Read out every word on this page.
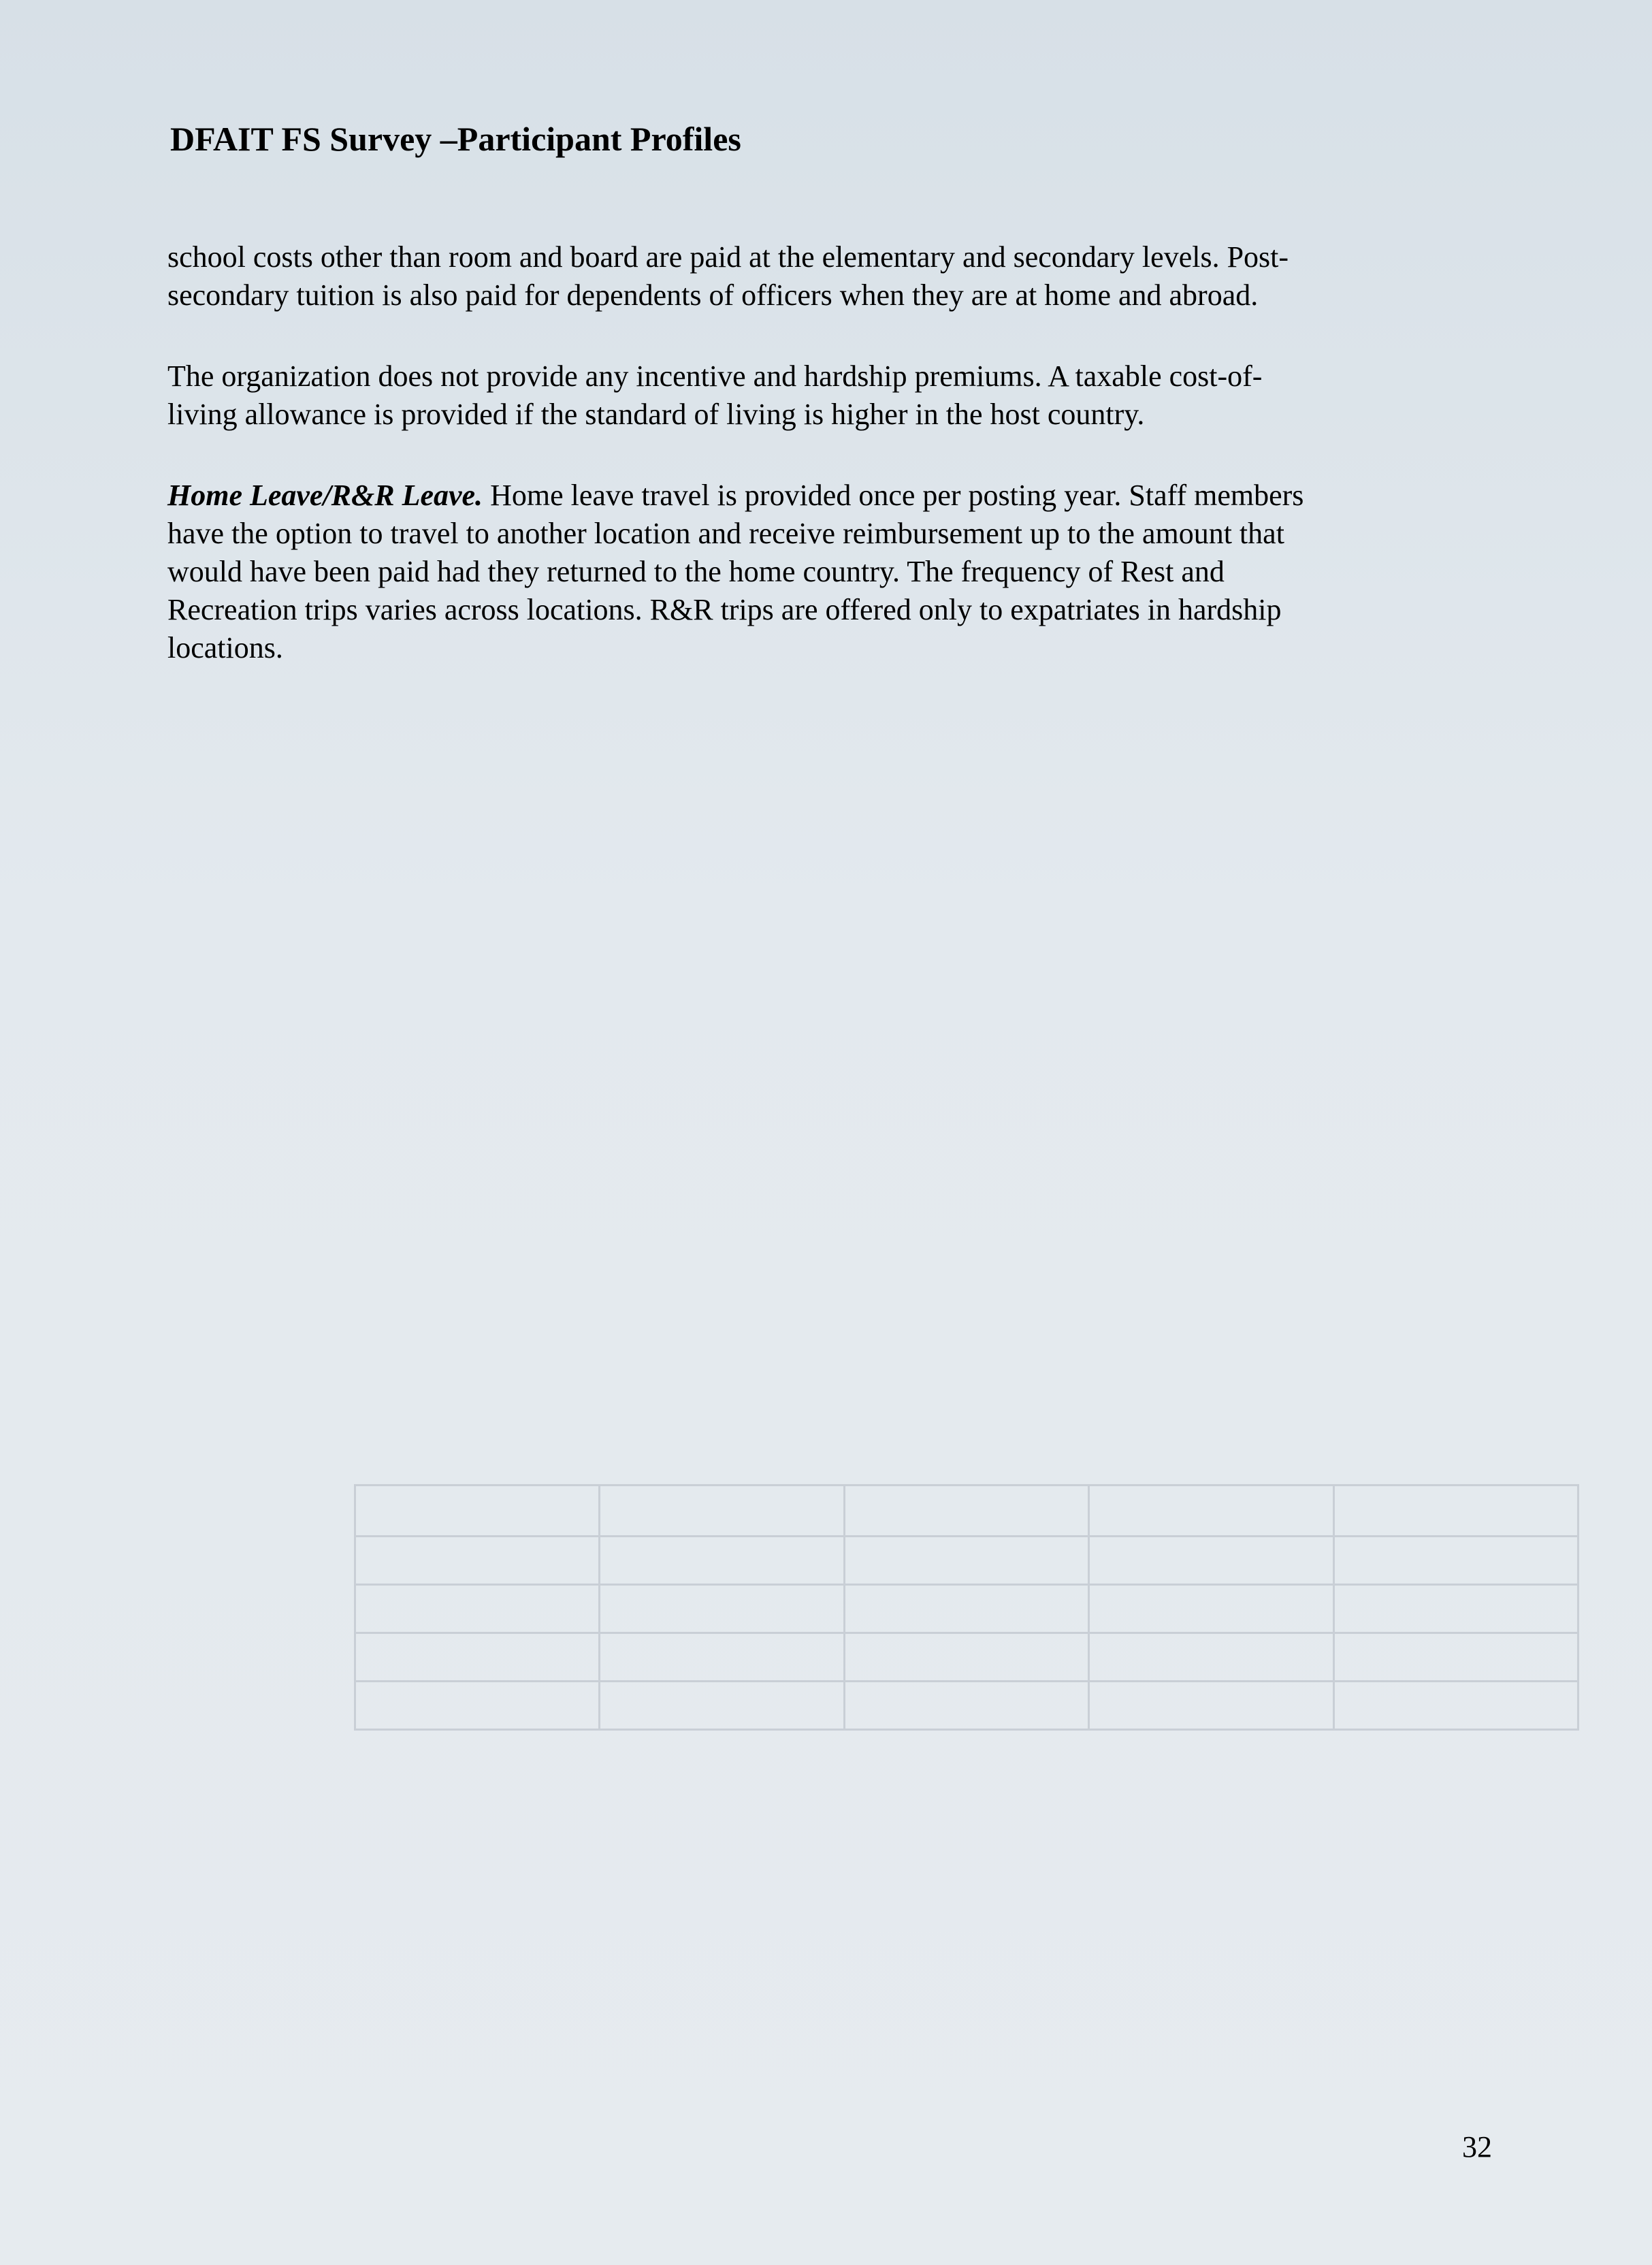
DFAIT FS Survey –Participant Profiles
school costs other than room and board are paid at the elementary and secondary levels. Post-
secondary tuition is also paid for dependents of officers when they are at home and abroad.
The organization does not provide any incentive and hardship premiums. A taxable cost-of-
living allowance is provided if the standard of living is higher in the host country.
Home Leave/R&R Leave. Home leave travel is provided once per posting year. Staff members
have the option to travel to another location and receive reimbursement up to the amount that
would have been paid had they returned to the home country. The frequency of Rest and
Recreation trips varies across locations. R&R trips are offered only to expatriates in hardship
locations.
32
